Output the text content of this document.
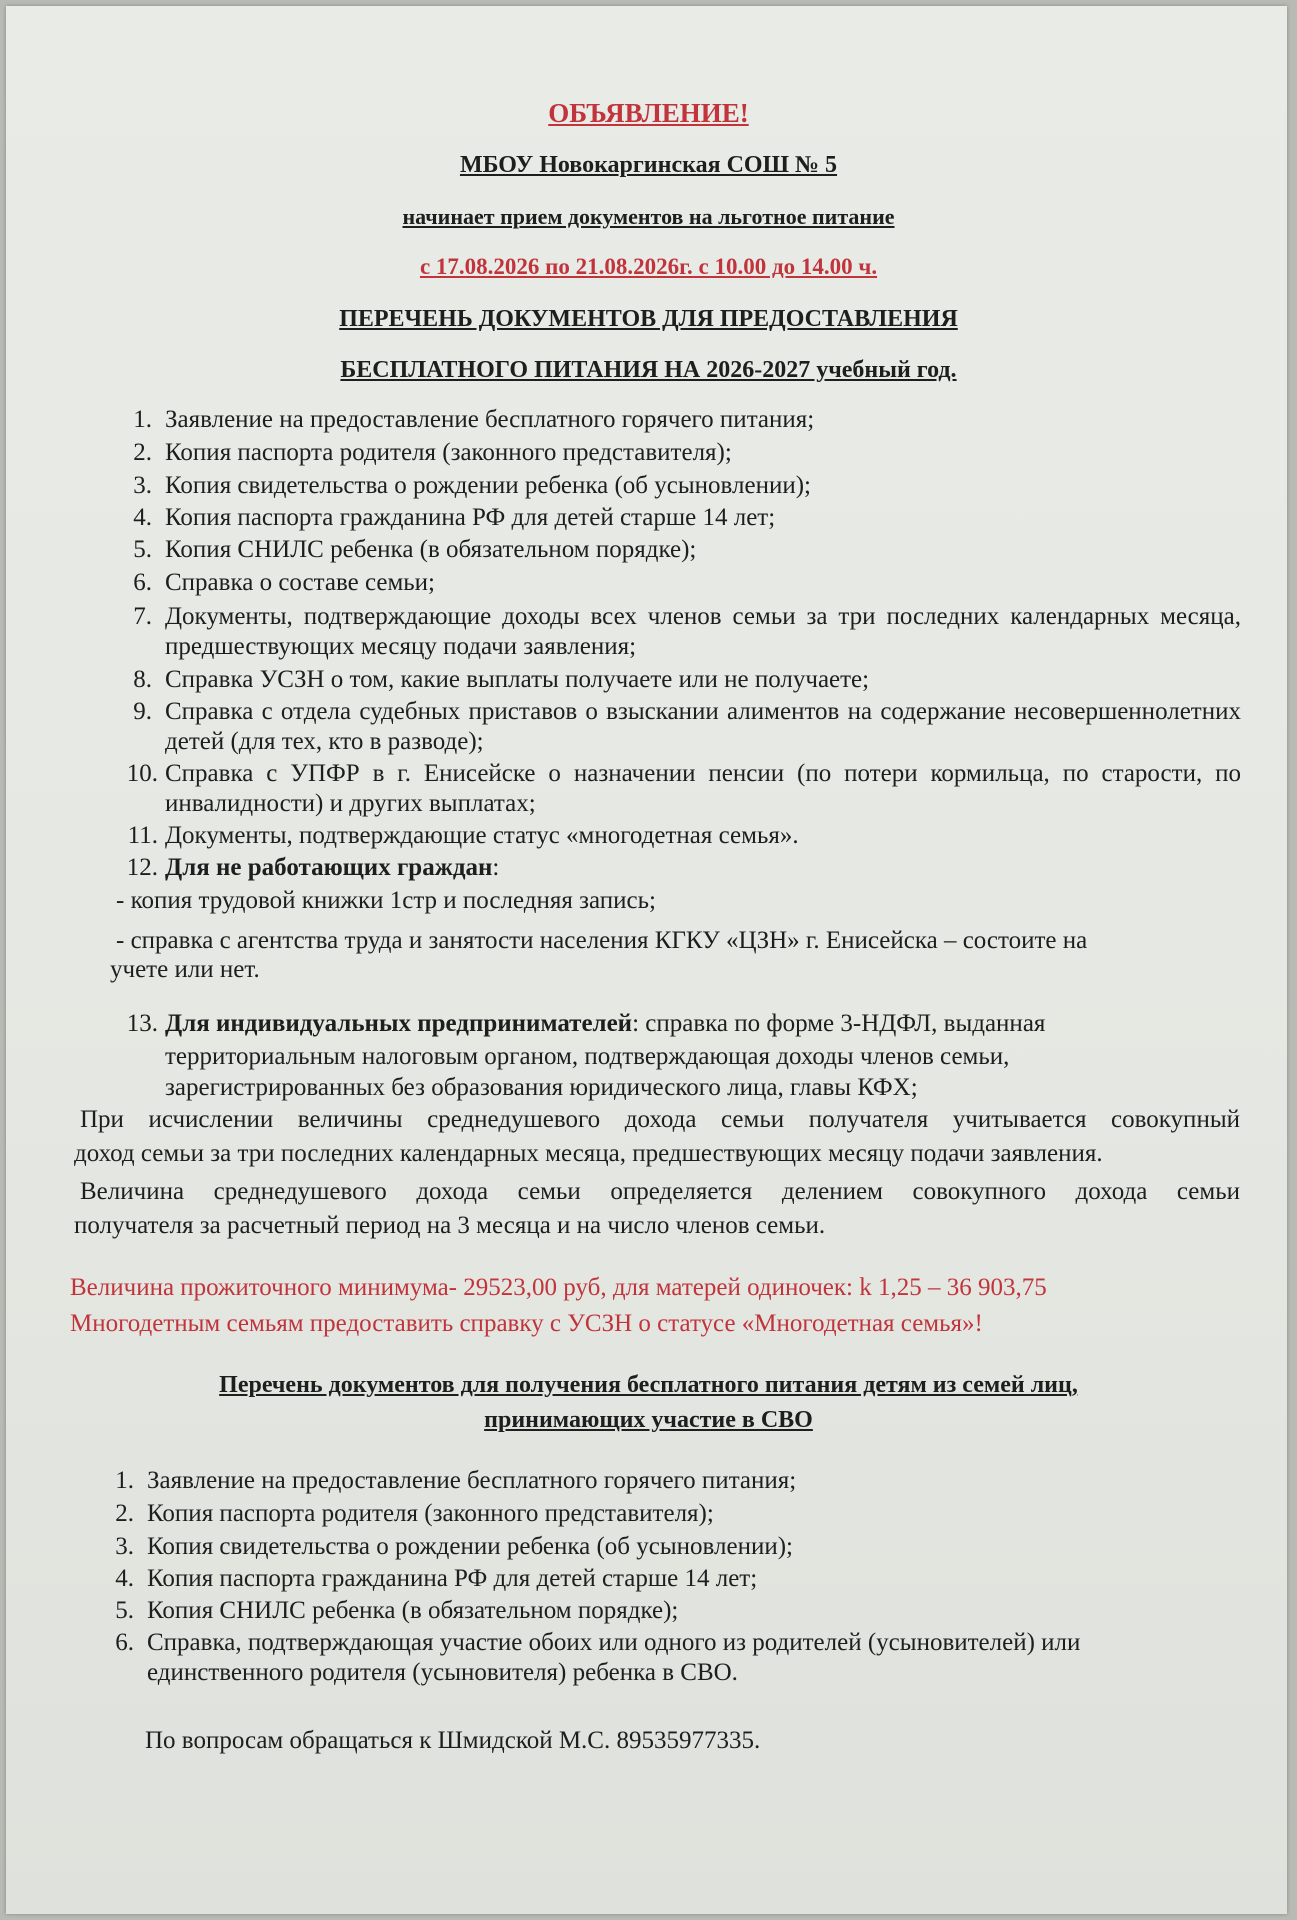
ОБЪЯВЛЕНИЕ!
МБОУ Новокаргинская СОШ № 5
начинает прием документов на льготное питание
с 17.08.2026 по 21.08.2026г. с 10.00 до 14.00 ч.
ПЕРЕЧЕНЬ ДОКУМЕНТОВ ДЛЯ ПРЕДОСТАВЛЕНИЯ
БЕСПЛАТНОГО ПИТАНИЯ НА 2026-2027 учебный год.
1. Заявление на предоставление бесплатного горячего питания;
2. Копия паспорта родителя (законного представителя);
3. Копия свидетельства о рождении ребенка (об усыновлении);
4. Копия паспорта гражданина РФ для детей старше 14 лет;
5. Копия СНИЛС ребенка (в обязательном порядке);
6. Справка о составе семьи;
7. Документы, подтверждающие доходы всех членов семьи за три последних календарных месяца, предшествующих месяцу подачи заявления;
8. Справка УСЗН о том, какие выплаты получаете или не получаете;
9. Справка с отдела судебных приставов о взыскании алиментов на содержание несовершеннолетних детей (для тех, кто в разводе);
10. Справка с УПФР в г. Енисейске о назначении пенсии (по потери кормильца, по старости, по инвалидности) и других выплатах;
11. Документы, подтверждающие статус «многодетная семья».
12. Для не работающих граждан:
- копия трудовой книжки 1стр и последняя запись;
- справка с агентства труда и занятости населения КГКУ «ЦЗН» г. Енисейска – состоите на
учете или нет.
13. Для индивидуальных предпринимателей: справка по форме 3-НДФЛ, выданная
территориальным налоговым органом, подтверждающая доходы членов семьи,
зарегистрированных без образования юридического лица, главы КФХ;
При исчислении величины среднедушевого дохода семьи получателя учитывается совокупный
доход семьи за три последних календарных месяца, предшествующих месяцу подачи заявления.
Величина среднедушевого дохода семьи определяется делением совокупного дохода семьи
получателя за расчетный период на 3 месяца и на число членов семьи.
Величина прожиточного минимума- 29523,00 руб, для матерей одиночек: k 1,25 – 36 903,75
Многодетным семьям предоставить справку с УСЗН о статусе «Многодетная семья»!
Перечень документов для получения бесплатного питания детям из семей лиц,
принимающих участие в СВО
1. Заявление на предоставление бесплатного горячего питания;
2. Копия паспорта родителя (законного представителя);
3. Копия свидетельства о рождении ребенка (об усыновлении);
4. Копия паспорта гражданина РФ для детей старше 14 лет;
5. Копия СНИЛС ребенка (в обязательном порядке);
6. Справка, подтверждающая участие обоих или одного из родителей (усыновителей) или единственного родителя (усыновителя) ребенка в СВО.
По вопросам обращаться к Шмидской М.С. 89535977335.
